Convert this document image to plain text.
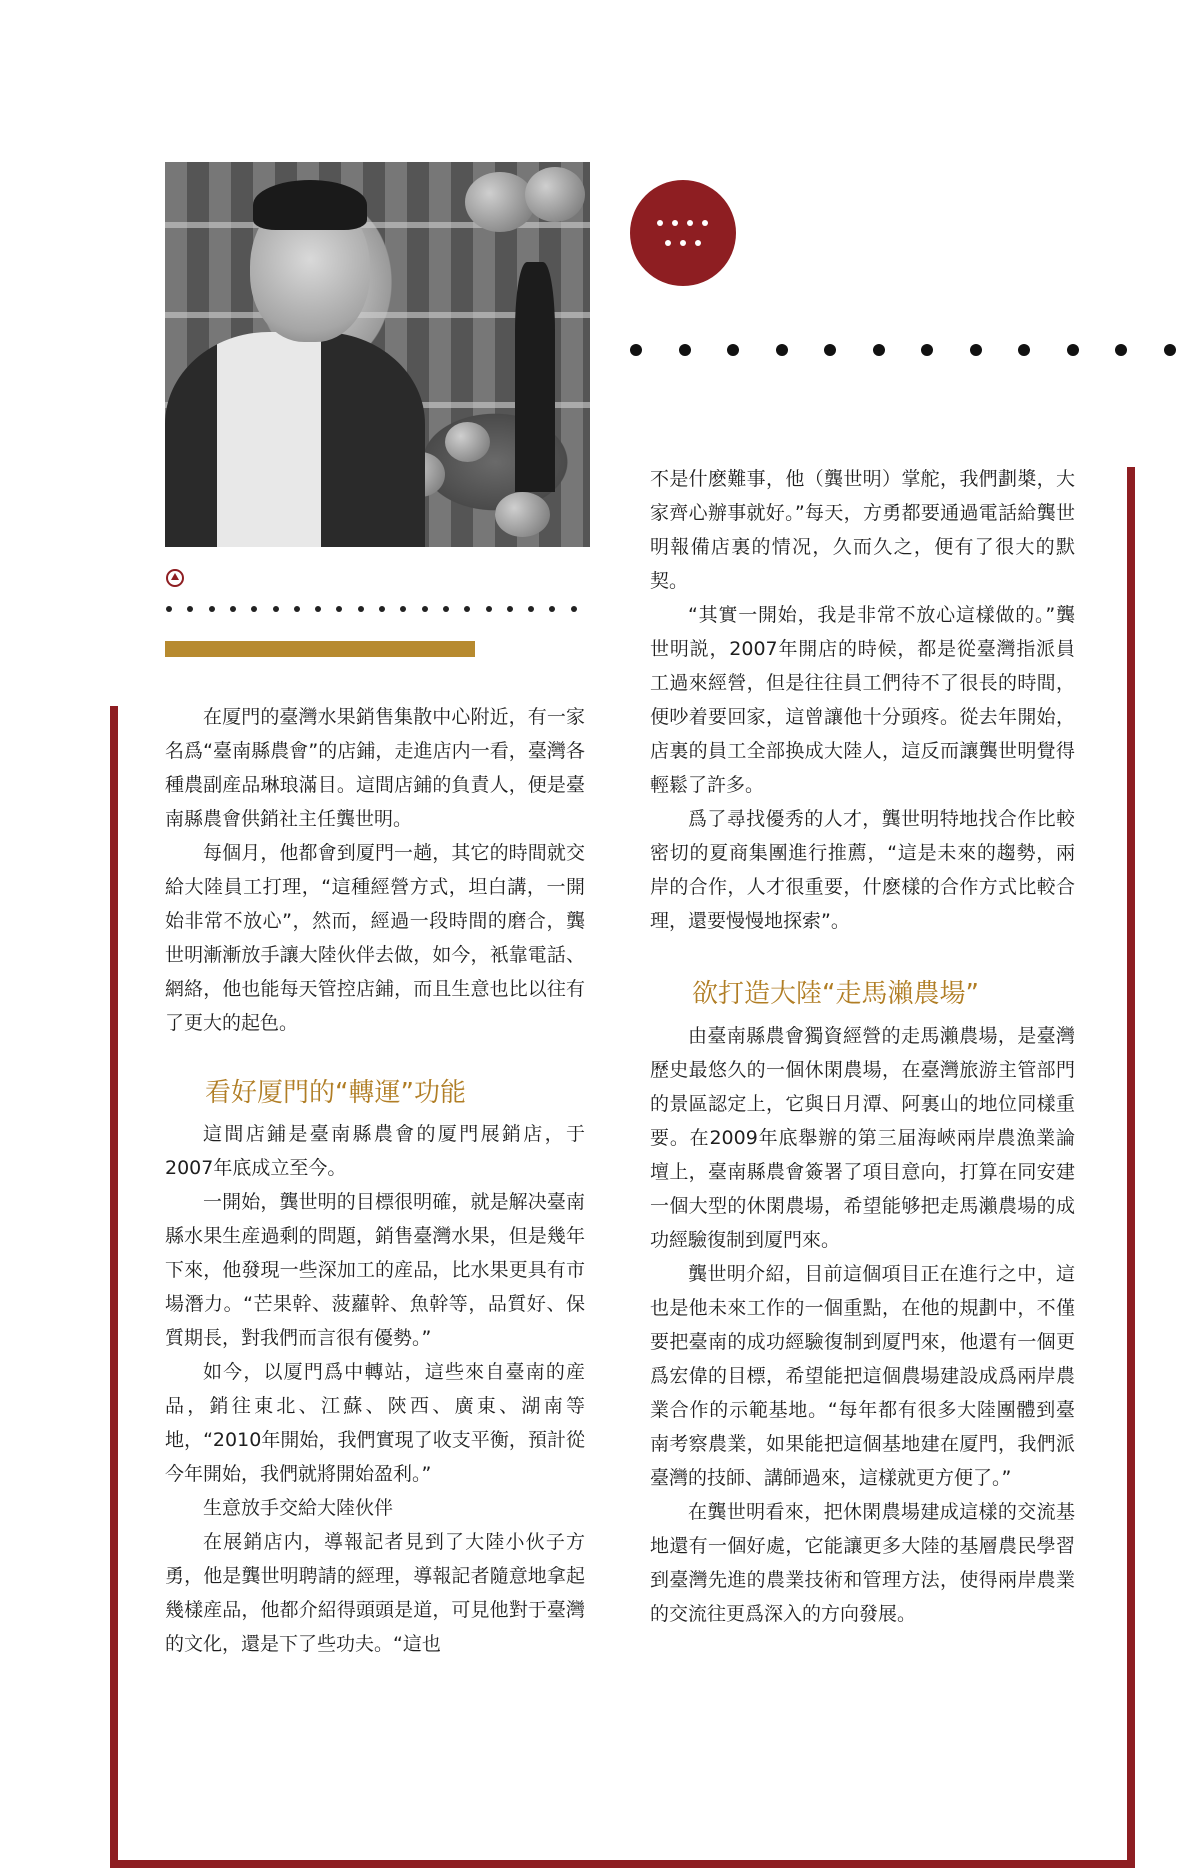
在厦門的臺灣水果銷售集散中心附近，有一家名爲“臺南縣農會”的店鋪，走進店内一看，臺灣各種農副産品琳琅滿目。這間店鋪的負責人，便是臺南縣農會供銷社主任龔世明。

每個月，他都會到厦門一趟，其它的時間就交給大陸員工打理，“這種經營方式，坦白講，一開始非常不放心”，然而，經過一段時間的磨合，龔世明漸漸放手讓大陸伙伴去做，如今，衹靠電話、網絡，他也能每天管控店鋪，而且生意也比以往有了更大的起色。

看好厦門的“轉運”功能

這間店鋪是臺南縣農會的厦門展銷店，于2007年底成立至今。

一開始，龔世明的目標很明確，就是解决臺南縣水果生産過剩的問題，銷售臺灣水果，但是幾年下來，他發現一些深加工的産品，比水果更具有市場潛力。“芒果幹、菠蘿幹、魚幹等，品質好、保質期長，對我們而言很有優勢。”

如今，以厦門爲中轉站，這些來自臺南的産品，銷往東北、江蘇、陝西、廣東、湖南等地，“2010年開始，我們實現了收支平衡，預計從今年開始，我們就將開始盈利。”

生意放手交給大陸伙伴

在展銷店内，導報記者見到了大陸小伙子方勇，他是龔世明聘請的經理，導報記者隨意地拿起幾樣産品，他都介紹得頭頭是道，可見他對于臺灣的文化，還是下了些功夫。“這也

不是什麽難事，他（龔世明）掌舵，我們劃槳，大家齊心辦事就好。”每天，方勇都要通過電話給龔世明報備店裏的情况，久而久之，便有了很大的默契。

“其實一開始，我是非常不放心這樣做的。”龔世明説，2007年開店的時候，都是從臺灣指派員工過來經營，但是往往員工們待不了很長的時間，便吵着要回家，這曾讓他十分頭疼。從去年開始，店裏的員工全部换成大陸人，這反而讓龔世明覺得輕鬆了許多。

爲了尋找優秀的人才，龔世明特地找合作比較密切的夏商集團進行推薦，“這是未來的趨勢，兩岸的合作，人才很重要，什麽樣的合作方式比較合理，還要慢慢地探索”。

欲打造大陸“走馬瀨農場”

由臺南縣農會獨資經營的走馬瀨農場，是臺灣歷史最悠久的一個休閑農場，在臺灣旅游主管部門的景區認定上，它與日月潭、阿裏山的地位同樣重要。在2009年底舉辦的第三届海峽兩岸農漁業論壇上，臺南縣農會簽署了項目意向，打算在同安建一個大型的休閑農場，希望能够把走馬瀨農場的成功經驗復制到厦門來。

龔世明介紹，目前這個項目正在進行之中，這也是他未來工作的一個重點，在他的規劃中，不僅要把臺南的成功經驗復制到厦門來，他還有一個更爲宏偉的目標，希望能把這個農場建設成爲兩岸農業合作的示範基地。“每年都有很多大陸團體到臺南考察農業，如果能把這個基地建在厦門，我們派臺灣的技師、講師過來，這樣就更方便了。”

在龔世明看來，把休閑農場建成這樣的交流基地還有一個好處，它能讓更多大陸的基層農民學習到臺灣先進的農業技術和管理方法，使得兩岸農業的交流往更爲深入的方向發展。
